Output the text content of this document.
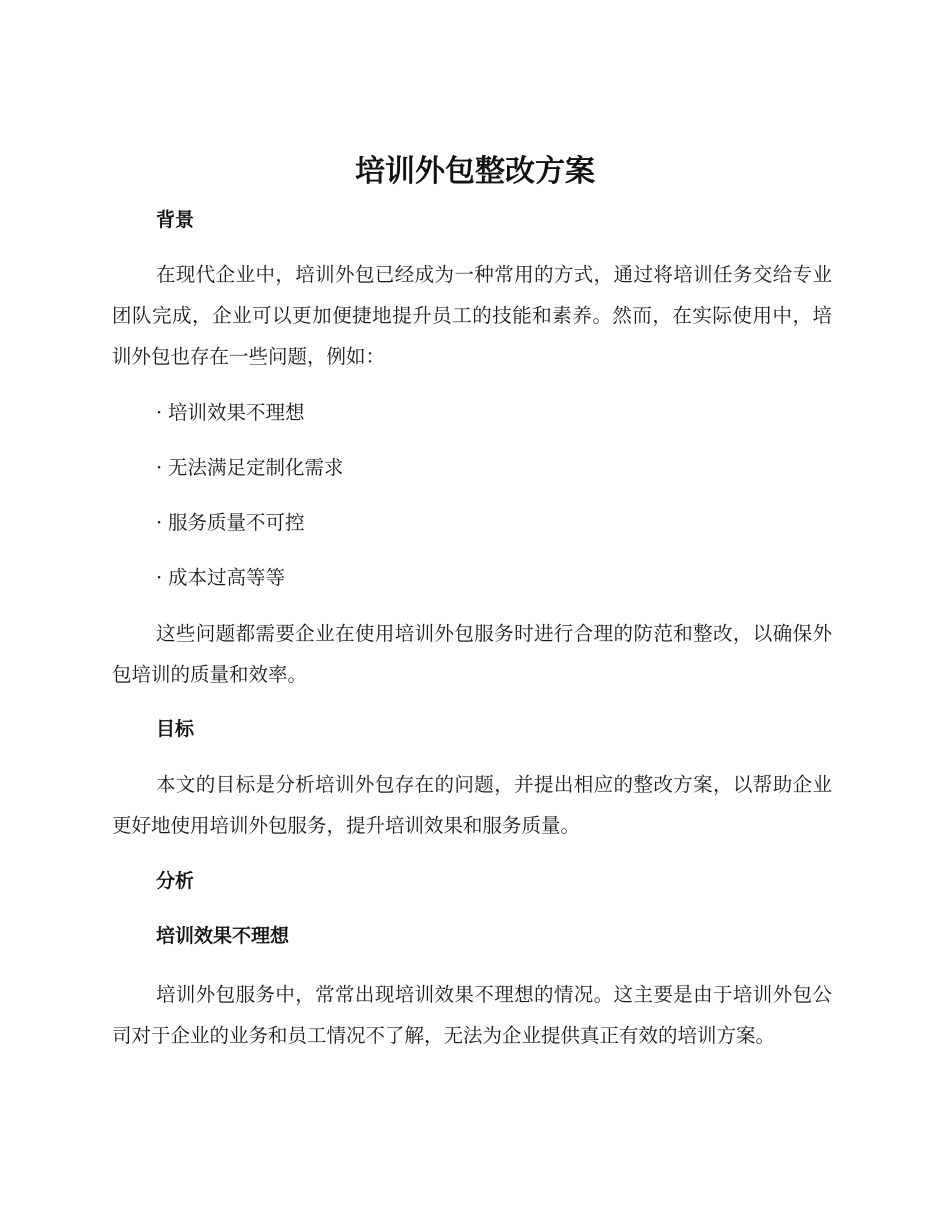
培训外包整改方案
背景

在现代企业中，培训外包已经成为一种常用的方式，通过将培训任务交给专业团队完成，企业可以更加便捷地提升员工的技能和素养。然而，在实际使用中，培训外包也存在一些问题，例如：

· 培训效果不理想
· 无法满足定制化需求
· 服务质量不可控
· 成本过高等等

这些问题都需要企业在使用培训外包服务时进行合理的防范和整改，以确保外包培训的质量和效率。

目标

本文的目标是分析培训外包存在的问题，并提出相应的整改方案，以帮助企业更好地使用培训外包服务，提升培训效果和服务质量。

分析
培训效果不理想

培训外包服务中，常常出现培训效果不理想的情况。这主要是由于培训外包公司对于企业的业务和员工情况不了解，无法为企业提供真正有效的培训方案。
